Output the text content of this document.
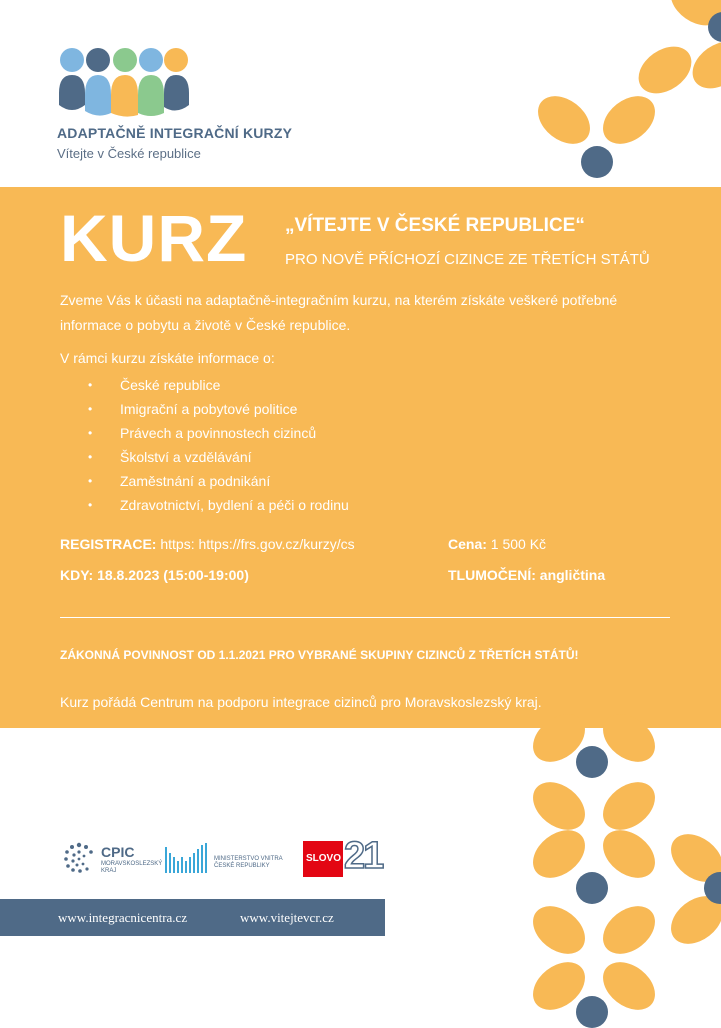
ADAPTAČNĚ INTEGRAČNÍ KURZY
Vítejte v České republice
KURZ „VÍTEJTE V ČESKÉ REPUBLICE“
PRO NOVĚ PŘÍCHOZÍ CIZINCE ZE TŘETÍCH STÁTŮ
Zveme Vás k účasti na adaptačně-integračním kurzu, na kterém získáte veškeré potřebné informace o pobytu a životě v České republice.
V rámci kurzu získáte informace o:
• České republice
• Imigrační a pobytové politice
• Právech a povinnostech cizinců
• Školství a vzdělávání
• Zaměstnání a podnikání
• Zdravotnictví, bydlení a péči o rodinu
REGISTRACE: https: https://frs.gov.cz/kurzy/cs	Cena: 1 500 Kč
KDY: 18.8.2023 (15:00-19:00)	TLUMOČENÍ: angličtina
ZÁKONNÁ POVINNOST OD 1.1.2021 PRO VYBRANÉ SKUPINY CIZINCŮ Z TŘETÍCH STÁTŮ!
Kurz pořádá Centrum na podporu integrace cizinců pro Moravskoslezský kraj.
CPIC
MORAVSKOSLEZSKÝ
KRAJ
MINISTERSTVO VNITRA
ČESKÉ REPUBLIKY
SLOVO 21
www.integracnicentra.cz	www.vitejtevcr.cz
